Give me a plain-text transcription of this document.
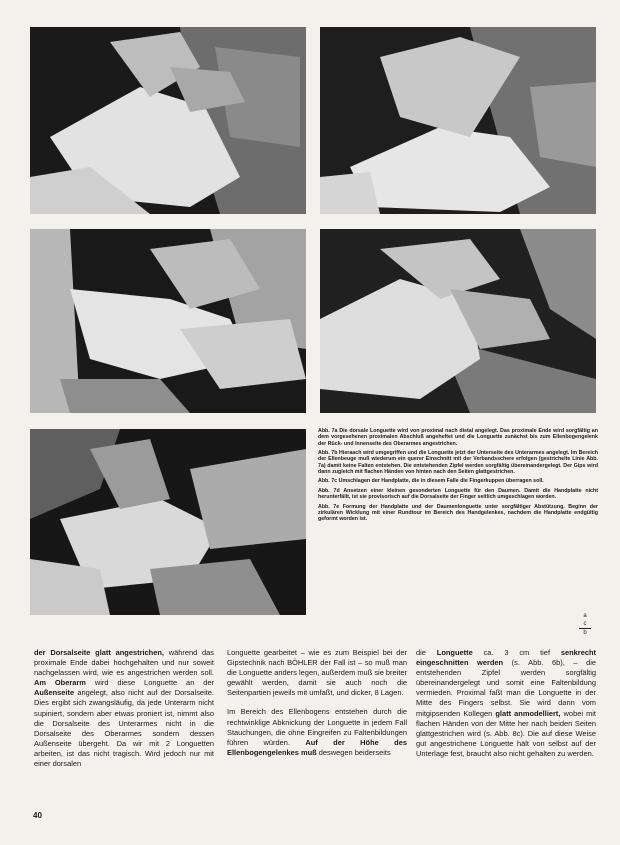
Abb. 7a Die dorsale Longuette wird von proximal nach distal angelegt. Das proximale Ende wird sorgfältig an dem vorgesehenen proximalen Abschluß angeheftet und die Longuette zunächst bis zum Ellenbogengelenk der Rück- und Innenseite des Oberarmes angestrichen.

Abb. 7b Hieraach wird umgegriffen und die Longuette jetzt der Unterseite des Unterarmes angelegt. Im Bereich der Ellenbeuge muß wiederum ein querer Einschnitt mit der Verbandsschere erfolgen (gestrichelte Linie Abb. 7a) damit keine Falten entstehen. Die entstehenden Zipfel werden sorgfältig übereinandergelegt. Der Gips wird dann zugleich mit flachen Händen von hinten nach den Seiten glattgestrichen.

Abb. 7c Umschlagen der Handplatte, die in diesem Falle die Fingerkuppen überragen soll.

Abb. 7d Ansetzen einer kleinen gesonderten Longuette für den Daumen. Damit die Handplatte nicht herunterfällt, ist sie provisorisch auf die Dorsalseite der Finger seitlich umgeschlagen worden.

Abb. 7e Formung der Handplatte und der Daumenlonguette unter sorgfältiger Abstützung. Beginn der zirkulären Wicklung mit einer Rundtour im Bereich des Handgelenkes, nachdem die Handplatte endgültig geformt worden ist.

a
c
b

der Dorsalseite glatt angestrichen, während das proximale Ende dabei hochgehalten und nur soweit nachgelassen wird, wie es angestrichen werden soll. Am Oberarm wird diese Longuette an der Außenseite angelegt, also nicht auf der Dorsalseite. Dies ergibt sich zwangsläufig, da jede Unterarm nicht supiniert, sondern aber etwas proniert ist, nimmt also die Dorsalseite des Unterarmes nicht in die Dorsalseite des Oberarmes sondern dessen Außenseite übergeht. Da wir mit 2 Longuetten arbeiten, ist das nicht tragisch. Wird jedoch nur mit einer dorsalen

Longuette gearbeitet – wie es zum Beispiel bei der Gipstechnik nach BÖHLER der Fall ist – so muß man die Longuette anders legen, außerdem muß sie breiter gewählt werden, damit sie auch noch die Seitenpartien jeweils mit umfaßt, und dicker, 8 Lagen.

Im Bereich des Ellenbogens entstehen durch die rechtwinklige Abknickung der Longuette in jedem Fall Stauchungen, die ohne Eingreifen zu Faltenbildungen führen würden. Auf der Höhe des Ellenbogengelenkes muß deswegen beiderseits

die Longuette ca. 3 cm tief senkrecht eingeschnitten werden (s. Abb. 6b), – die entstehenden Zipfel werden sorgfältig übereinandergelegt und somit eine Faltenbildung vermieden. Proximal faßt man die Longuette in der Mitte des Fingers selbst. Sie wird dann vom mitgipsenden Kollegen glatt anmodelliert, wobei mit flachen Händen von der Mitte her nach beiden Seiten glattgestrichen wird (s. Abb. 8c). Die auf diese Weise gut angestrichene Longuette hält von selbst auf der Unterlage fest, braucht also nicht gehalten zu werden.

40
